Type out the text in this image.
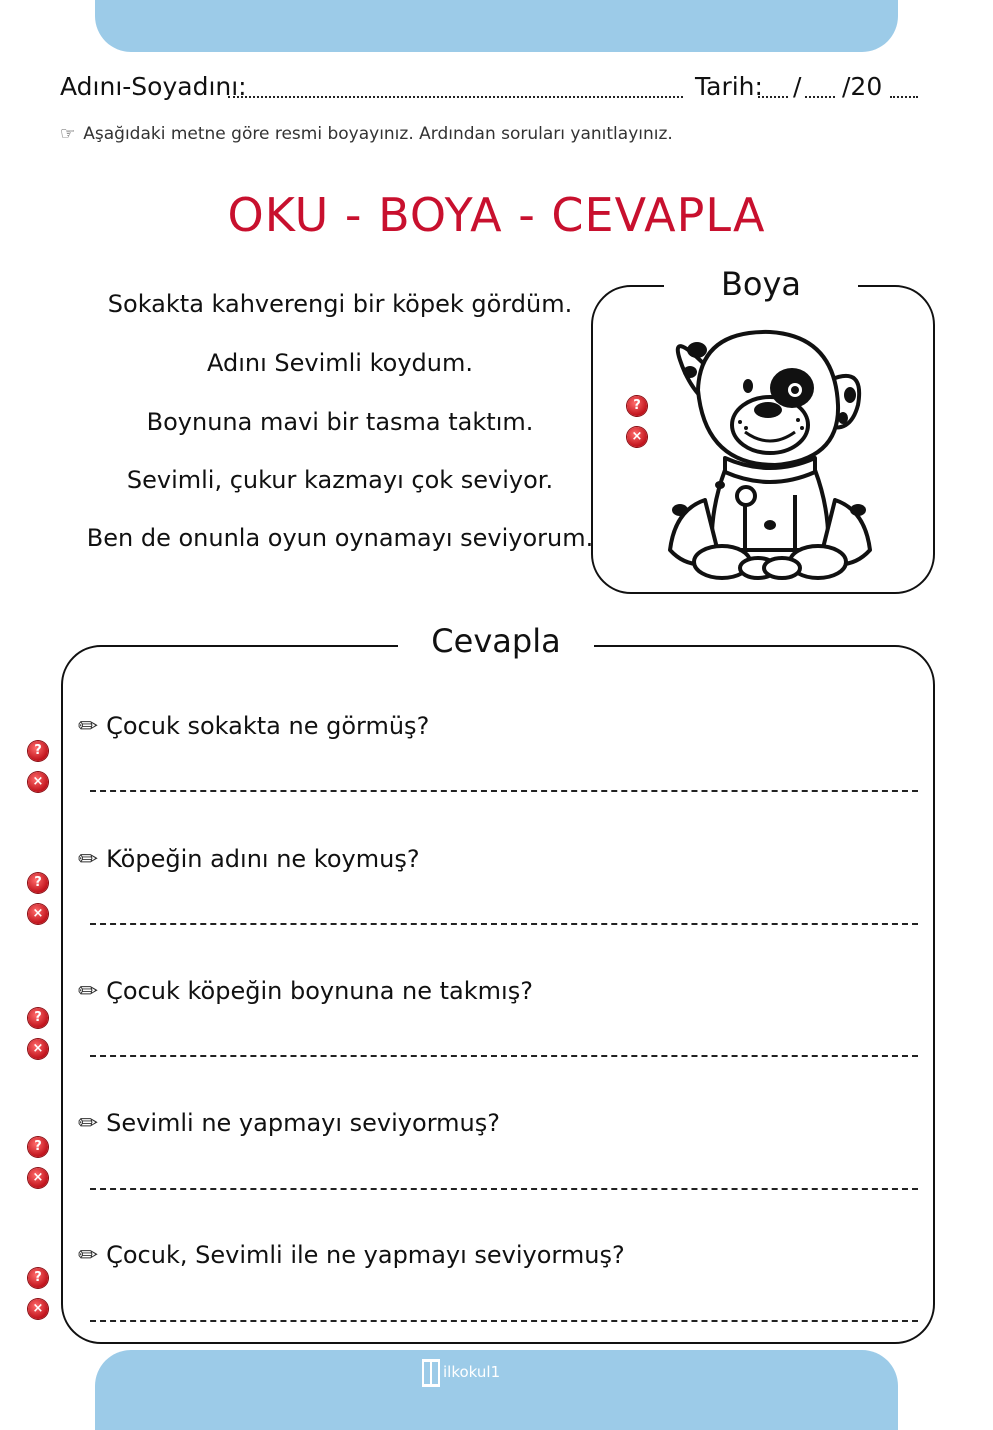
Adını-Soyadını:	Tarih: / /20
☞ Aşağıdaki metne göre resmi boyayınız. Ardından soruları yanıtlayınız.
OKU - BOYA - CEVAPLA
Sokakta kahverengi bir köpek gördüm.
Adını Sevimli koydum.
Boynuna mavi bir tasma taktım.
Sevimli, çukur kazmayı çok seviyor.
Ben de onunla oyun oynamayı seviyorum.
Boya
?
×
Cevapla
✏ Çocuk sokakta ne görmüş?
?
×
✏ Köpeğin adını ne koymuş?
?
×
✏ Çocuk köpeğin boynuna ne takmış?
?
×
✏ Sevimli ne yapmayı seviyormuş?
?
×
✏ Çocuk, Sevimli ile ne yapmayı seviyormuş?
?
×
ilkokul1
